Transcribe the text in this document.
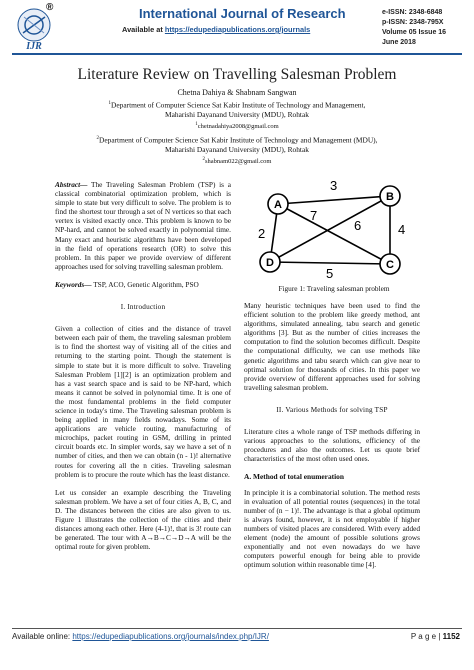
IJR
®	International Journal of Research
Available at https://edupediapublications.org/journals
e-ISSN: 2348-6848
p-ISSN: 2348-795X
Volume 05 Issue 16
June 2018
Literature Review on Travelling Salesman Problem
Chetna Dahiya & Shabnam Sangwan
$^1$Department of Computer Science Sat Kabir Institute of Technology and Management,
Maharishi Dayanand University (MDU), Rohtak
$^1$chetnadahiya2008@gmail.com
$^2$Department of Computer Science Sat Kabir Institute of Technology and Management (MDU),
Maharishi Dayanand University (MDU), Rohtak
$^2$shabnam022@gmail.com

Abstract— The Traveling Salesman Problem (TSP) is a classical combinatorial optimization problem, which is simple to state but very difficult to solve. The problem is to find the shortest tour through a set of N vertices so that each vertex is visited exactly once. This problem is known to be NP-hard, and cannot be solved exactly in polynomial time. Many exact and heuristic algorithms have been developed in the field of operations research (OR) to solve this problem. In this paper we provide overview of different approaches used for solving travelling salesman problem.

Keywords— TSP, ACO, Genetic Algorithm, PSO

I. Introduction

Given a collection of cities and the distance of travel between each pair of them, the traveling salesman problem is to find the shortest way of visiting all of the cities and returning to the starting point. Though the statement is simple to state but it is more difficult to solve. Traveling Salesman Problem [1][2] is an optimization problem and has a vast search space and is said to be NP-hard, which means it cannot be solved in polynomial time. It is one of the most fundamental problems in the field computer science in today's time. The Traveling salesman problem is being applied in many fields nowadays. Some of its applications are vehicle routing, manufacturing of microchips, packet routing in GSM, drilling in printed circuit boards etc. In simpler words, say we have a set of n number of cities, and then we can obtain (n - 1)! alternative routes for covering all the n cities. Traveling salesman problem is to procure the route which has the least distance.

Let us consider an example describing the Traveling salesman problem. We have a set of four cities A, B, C, and D. The distances between the cities are also given to us. Figure 1 illustrates the collection of the cities and their distances among each other. Here (4-1)!, that is 3! route can be generated. The tour with A→B→C→D→A will be the optimal route for given problem.

3
4
5
2
6
7
A
B
C
D
Figure 1: Traveling salesman problem

Many heuristic techniques have been used to find the efficient solution to the problem like greedy method, ant algorithms, simulated annealing, tabu search and genetic algorithms [3]. But as the number of cities increases the computation to find the solution becomes difficult. Despite the computational difficulty, we can use methods like genetic algorithms and tabu search which can give near to optimal solution for thousands of cities. In this paper we provide overview of different approaches used for solving travelling salesman problem.

II. Various Methods for solving TSP

Literature cites a whole range of TSP methods differing in various approaches to the solutions, efficiency of the procedures and also the outcomes. Let us quote brief characteristics of the most often used ones.

A. Method of total enumeration

In principle it is a combinatorial solution. The method rests in evaluation of all potential routes (sequences) in the total number of (n − 1)!. The advantage is that a global optimum is always found, however, it is not employable if higher numbers of visited places are considered. With every added element (node) the amount of possible solutions grows exponentially and not even nowadays do we have computers powerful enough for being able to provide optimum solution within reasonable time [4].

Available online: https://edupediapublications.org/journals/index.php/IJR/	P a g e | 1152
